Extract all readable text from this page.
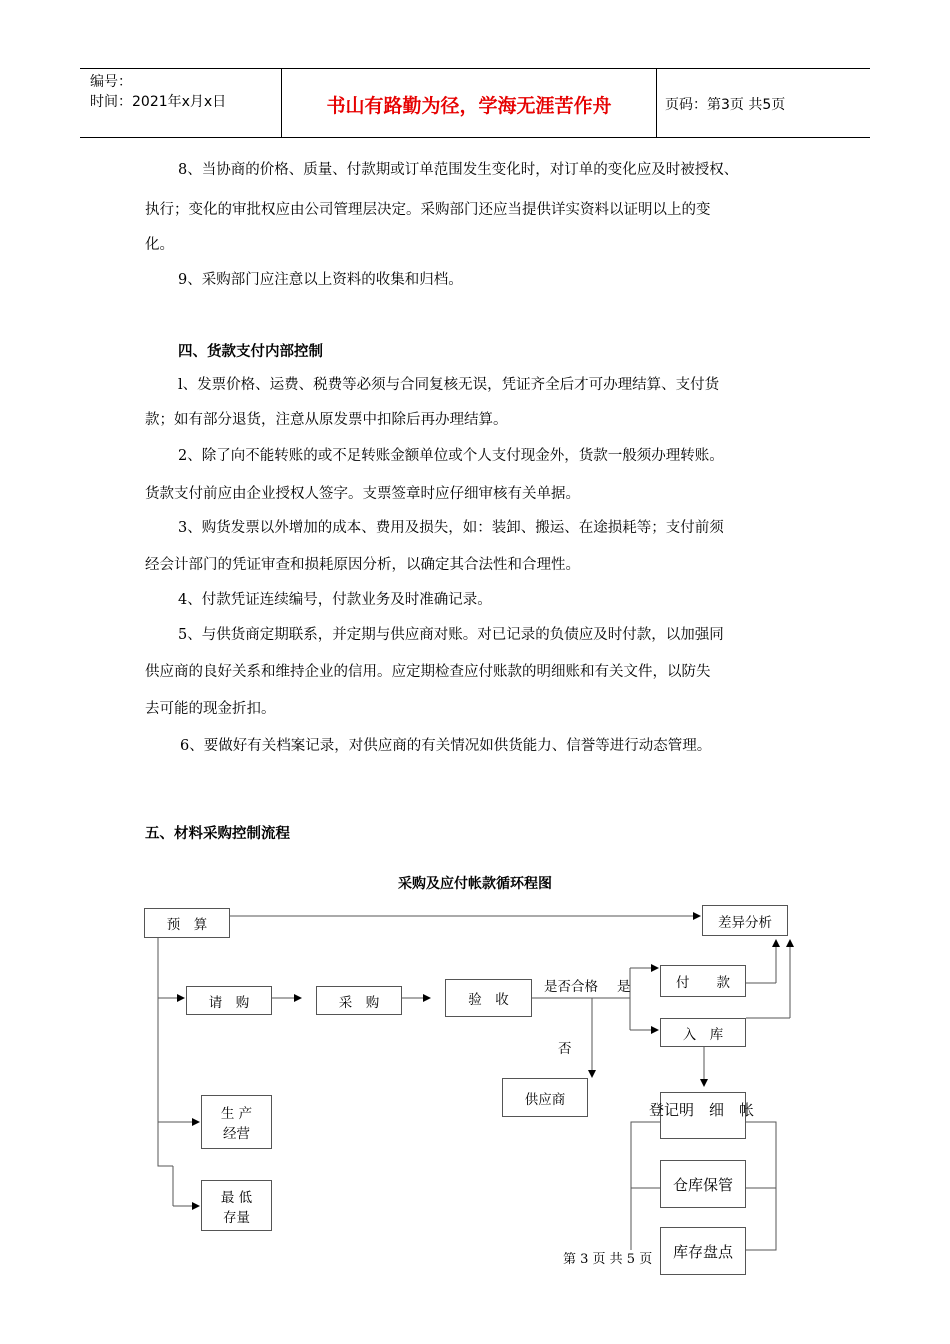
编号：
时间：2021年x月x日	书山有路勤为径，学海无涯苦作舟	页码：第3页 共5页
8、当协商的价格、质量、付款期或订单范围发生变化时，对订单的变化应及时被授权、
执行；变化的审批权应由公司管理层决定。采购部门还应当提供详实资料以证明以上的变
化。
9、采购部门应注意以上资料的收集和归档。
四、货款支付内部控制
l、发票价格、运费、税费等必须与合同复核无误，凭证齐全后才可办理结算、支付货
款；如有部分退货，注意从原发票中扣除后再办理结算。
2、除了向不能转账的或不足转账金额单位或个人支付现金外，货款一般须办理转账。
货款支付前应由企业授权人签字。支票签章时应仔细审核有关单据。
3、购货发票以外增加的成本、费用及损失，如：装卸、搬运、在途损耗等；支付前须
经会计部门的凭证审查和损耗原因分析，以确定其合法性和合理性。
4、付款凭证连续编号，付款业务及时准确记录。
5、与供货商定期联系，并定期与供应商对账。对已记录的负债应及时付款，以加强同
供应商的良好关系和维持企业的信用。应定期检查应付账款的明细账和有关文件，以防失
去可能的现金折扣。
6、要做好有关档案记录，对供应商的有关情况如供货能力、信誉等进行动态管理。
五、材料采购控制流程
采购及应付帐款循环程图
预　算	差异分析
请　购	采　购	验　收
是否合格 是
否
付　　款
入　库
供应商
生 产
经营
最 低
存量
登记明　细　帐
仓库保管
库存盘点
第 3 页 共 5 页
